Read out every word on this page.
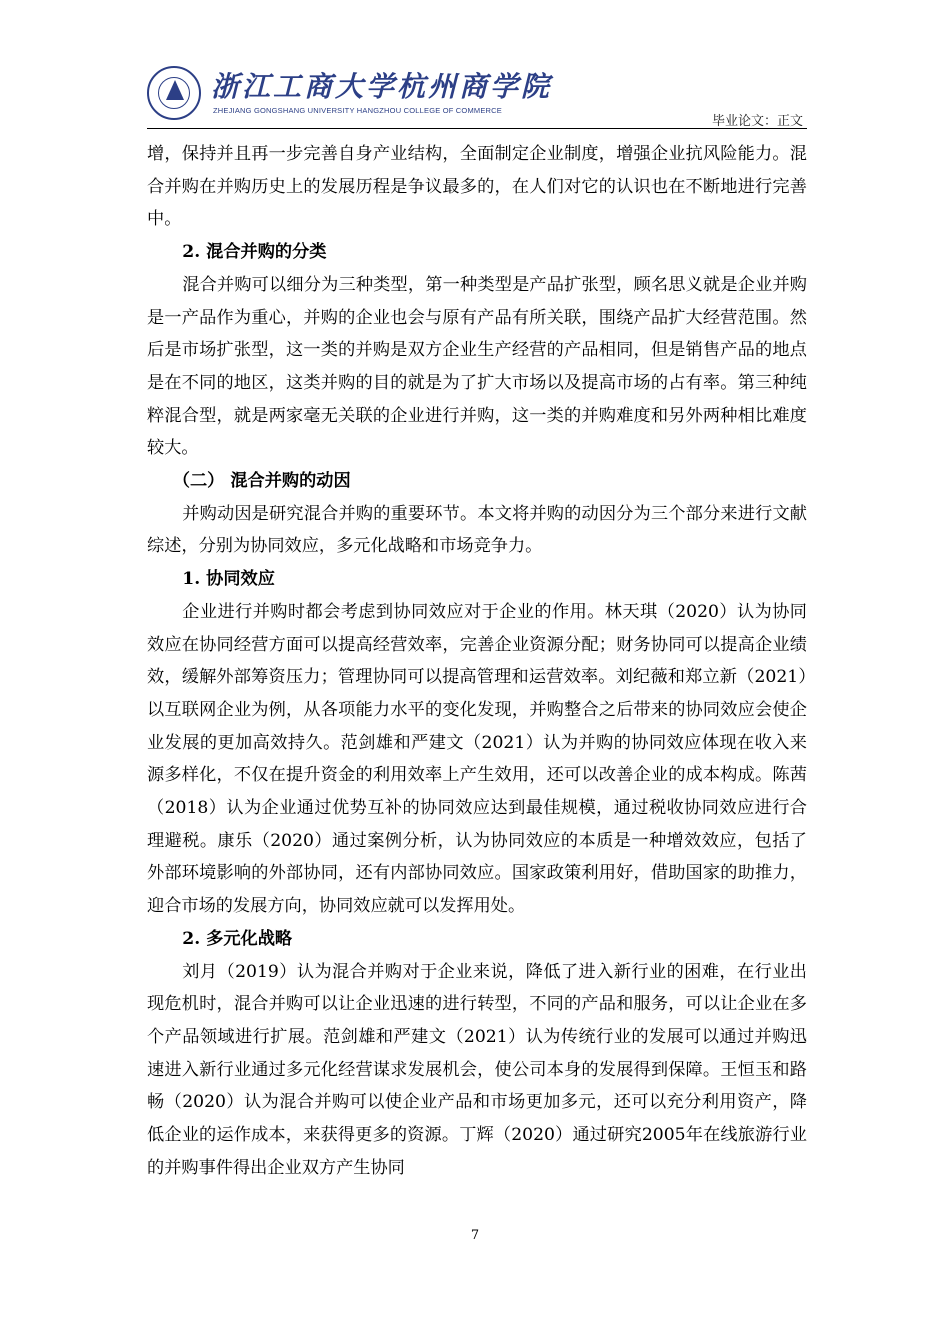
浙江工商大学杭州商学院
ZHEJIANG GONGSHANG UNIVERSITY HANGZHOU COLLEGE OF COMMERCE
毕业论文：正文

增，保持并且再一步完善自身产业结构，全面制定企业制度，增强企业抗风险能力。混合并购在并购历史上的发展历程是争议最多的，在人们对它的认识也在不断地进行完善中。

2. 混合并购的分类

混合并购可以细分为三种类型，第一种类型是产品扩张型，顾名思义就是企业并购是一产品作为重心，并购的企业也会与原有产品有所关联，围绕产品扩大经营范围。然后是市场扩张型，这一类的并购是双方企业生产经营的产品相同，但是销售产品的地点是在不同的地区，这类并购的目的就是为了扩大市场以及提高市场的占有率。第三种纯粹混合型，就是两家毫无关联的企业进行并购，这一类的并购难度和另外两种相比难度较大。

（二） 混合并购的动因

并购动因是研究混合并购的重要环节。本文将并购的动因分为三个部分来进行文献综述，分别为协同效应，多元化战略和市场竞争力。

1. 协同效应

企业进行并购时都会考虑到协同效应对于企业的作用。林天琪（2020）认为协同效应在协同经营方面可以提高经营效率，完善企业资源分配；财务协同可以提高企业绩效，缓解外部筹资压力；管理协同可以提高管理和运营效率。刘纪薇和郑立新（2021）以互联网企业为例，从各项能力水平的变化发现，并购整合之后带来的协同效应会使企业发展的更加高效持久。范剑雄和严建文（2021）认为并购的协同效应体现在收入来源多样化，不仅在提升资金的利用效率上产生效用，还可以改善企业的成本构成。陈茜（2018）认为企业通过优势互补的协同效应达到最佳规模，通过税收协同效应进行合理避税。康乐（2020）通过案例分析，认为协同效应的本质是一种增效效应，包括了外部环境影响的外部协同，还有内部协同效应。国家政策利用好，借助国家的助推力，迎合市场的发展方向，协同效应就可以发挥用处。

2. 多元化战略

刘月（2019）认为混合并购对于企业来说，降低了进入新行业的困难，在行业出现危机时，混合并购可以让企业迅速的进行转型，不同的产品和服务，可以让企业在多个产品领域进行扩展。范剑雄和严建文（2021）认为传统行业的发展可以通过并购迅速进入新行业通过多元化经营谋求发展机会，使公司本身的发展得到保障。王恒玉和路畅（2020）认为混合并购可以使企业产品和市场更加多元，还可以充分利用资产，降低企业的运作成本，来获得更多的资源。丁辉（2020）通过研究2005年在线旅游行业的并购事件得出企业双方产生协同

7
